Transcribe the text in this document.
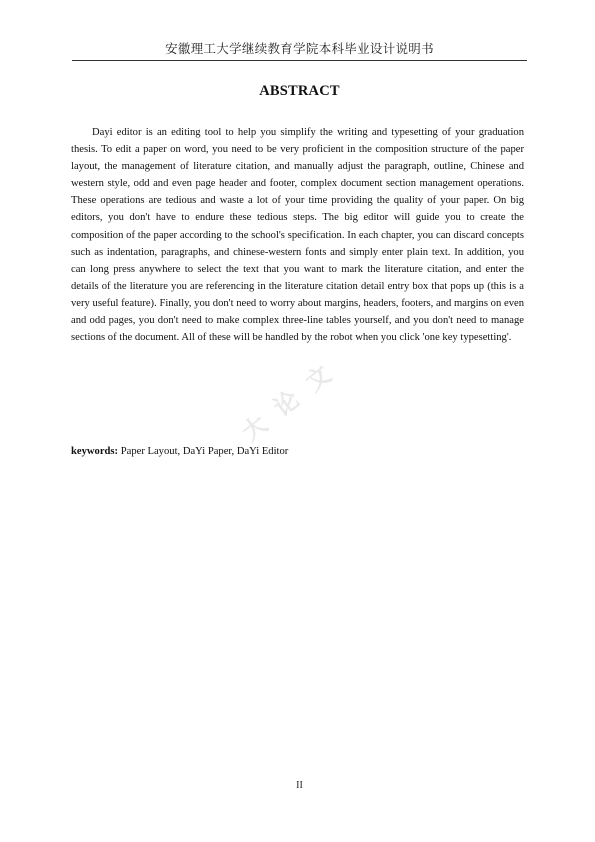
安徽理工大学继续教育学院本科毕业设计说明书
ABSTRACT

Dayi editor is an editing tool to help you simplify the writing and typesetting of your graduation thesis. To edit a paper on word, you need to be very proficient in the composition structure of the paper layout, the management of literature citation, and manually adjust the paragraph, outline, Chinese and western style, odd and even page header and footer, complex document section management operations. These operations are tedious and waste a lot of your time providing the quality of your paper. On big editors, you don't have to endure these tedious steps. The big editor will guide you to create the composition of the paper according to the school's specification. In each chapter, you can discard concepts such as indentation, paragraphs, and chinese-western fonts and simply enter plain text. In addition, you can long press anywhere to select the text that you want to mark the literature citation, and enter the details of the literature you are referencing in the literature citation detail entry box that pops up (this is a very useful feature). Finally, you don't need to worry about margins, headers, footers, and margins on even and odd pages, you don't need to make complex three-line tables yourself, and you don't need to manage sections of the document. All of these will be handled by the robot when you click 'one key typesetting'.

keywords: Paper Layout, DaYi Paper, DaYi Editor

大 论 文
II
